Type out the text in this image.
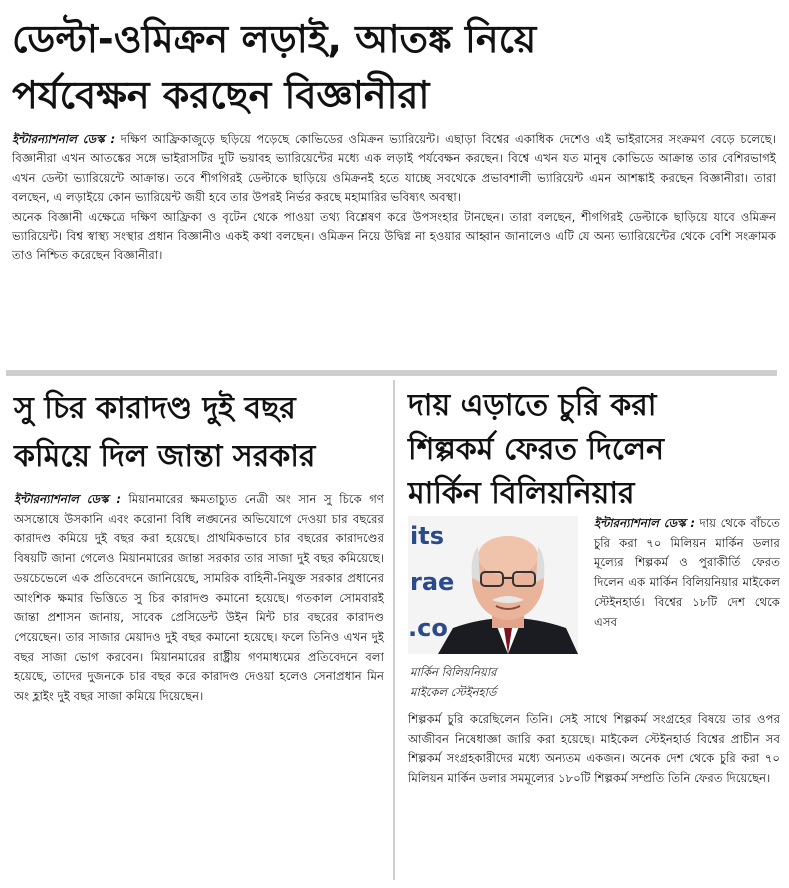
ডেল্টা-ওমিক্রন লড়াই, আতঙ্ক নিয়ে
পর্যবেক্ষন করছেন বিজ্ঞানীরা

ইন্টারন্যাশনাল ডেস্ক : দক্ষিণ আফ্রিকাজুড়ে ছড়িয়ে পড়েছে কোভিডের ওমিক্রন ভ্যারিয়েন্ট। এছাড়া বিশ্বের একাধিক দেশেও এই ভাইরাসের সংক্রমণ বেড়ে চলেছে। বিজ্ঞানীরা এখন আতঙ্কের সঙ্গে ভাইরাসটির দুটি ভয়াবহ ভ্যারিয়েন্টের মধ্যে এক লড়াই পর্যবেক্ষন করছেন। বিশ্বে এখন যত মানুষ কোভিডে আক্রান্ত তার বেশিরভাগই এখন ডেল্টা ভ্যারিয়েন্টে আক্রান্ত। তবে শীগগিরই ডেল্টাকে ছাড়িয়ে ওমিক্রনই হতে যাচ্ছে সবথেকে প্রভাবশালী ভ্যারিয়েন্ট এমন আশঙ্কাই করছেন বিজ্ঞানীরা। তারা বলছেন, এ লড়াইয়ে কোন ভ্যারিয়েন্ট জয়ী হবে তার উপরই নির্ভর করছে মহামারির ভবিষ্যৎ অবস্থা।

অনেক বিজ্ঞানী এক্ষেত্রে দক্ষিণ আফ্রিকা ও বৃটেন থেকে পাওয়া তথ্য বিশ্লেষণ করে উপসংহার টানছেন। তারা বলছেন, শীগগিরই ডেল্টাকে ছাড়িয়ে যাবে ওমিক্রন ভ্যারিয়েন্ট। বিশ্ব স্বাস্থ্য সংস্থার প্রধান বিজ্ঞানীও একই কথা বলছেন। ওমিক্রন নিয়ে উদ্বিগ্ন না হওয়ার আহ্বান জানালেও এটি যে অন্য ভ্যারিয়েন্টের থেকে বেশি সংক্রামক তাও নিশ্চিত করেছেন বিজ্ঞানীরা।

সু চির কারাদণ্ড দুই বছর
কমিয়ে দিল জান্তা সরকার

ইন্টারন্যাশনাল ডেস্ক : মিয়ানমারের ক্ষমতাচ্যুত নেত্রী অং সান সু চিকে গণ অসন্তোষে উসকানি এবং করোনা বিধি লঙ্ঘনের অভিযোগে দেওয়া চার বছরের কারাদণ্ড কমিয়ে দুই বছর করা হয়েছে। প্রাথমিকভাবে চার বছরের কারাদণ্ডের বিষয়টি জানা গেলেও মিয়ানমারের জান্তা সরকার তার সাজা দুই বছর কমিয়েছে। ডয়চেভেলে এক প্রতিবেদনে জানিয়েছে, সামরিক বাহিনী-নিযুক্ত সরকার প্রধানের আংশিক ক্ষমার ভিত্তিতে সু চির কারাদণ্ড কমানো হয়েছে। গতকাল সোমবারই জান্তা প্রশাসন জানায়, সাবেক প্রেসিডেন্ট উইন মিন্ট চার বছরের কারাদণ্ড পেয়েছেন। তার সাজার মেয়াদও দুই বছর কমানো হয়েছে। ফলে তিনিও এখন দুই বছর সাজা ভোগ করবেন। মিয়ানমারের রাষ্ট্রীয় গণমাধ্যমের প্রতিবেদনে বলা হয়েছে, তাদের দুজনকে চার বছর করে কারাদণ্ড দেওয়া হলেও সেনাপ্রধান মিন অং হ্লাইং দুই বছর সাজা কমিয়ে দিয়েছেন।

দায় এড়াতে চুরি করা
শিল্পকর্ম ফেরত দিলেন
মার্কিন বিলিয়নিয়ার
its
rae
.co
মার্কিন বিলিয়নিয়ার
মাইকেল স্টেইনহার্ড

ইন্টারন্যাশনাল ডেস্ক : দায় থেকে বাঁচতে চুরি করা ৭০ মিলিয়ন মার্কিন ডলার মূল্যের শিল্পকর্ম ও পুরাকীর্তি ফেরত দিলেন এক মার্কিন বিলিয়নিয়ার মাইকেল স্টেইনহার্ড। বিশ্বের ১৮টি দেশ থেকে এসব

শিল্পকর্ম চুরি করেছিলেন তিনি। সেই সাথে শিল্পকর্ম সংগ্রহের বিষয়ে তার ওপর আজীবন নিষেধাজ্ঞা জারি করা হয়েছে। মাইকেল স্টেইনহার্ড বিশ্বের প্রাচীন সব শিল্পকর্ম সংগ্রহকারীদের মধ্যে অন্যতম একজন। অনেক দেশ থেকে চুরি করা ৭০ মিলিয়ন মার্কিন ডলার সমমূল্যের ১৮০টি শিল্পকর্ম সম্প্রতি তিনি ফেরত দিয়েছেন।
